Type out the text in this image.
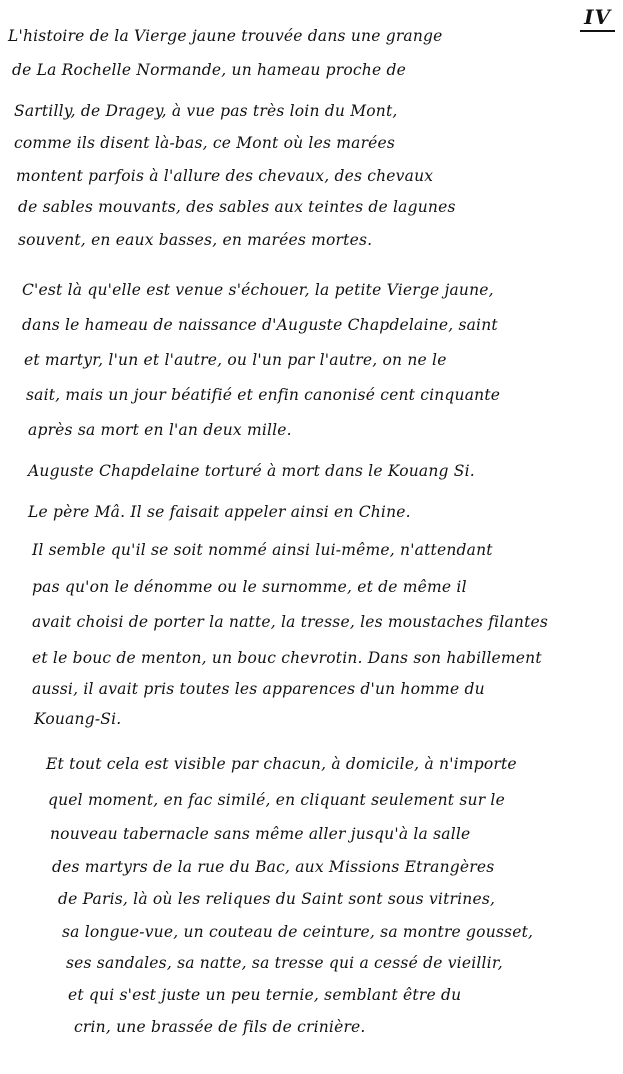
IV
L'histoire de la Vierge jaune trouvée dans une grange
de La Rochelle Normande, un hameau proche de
Sartilly, de Dragey, à vue pas très loin du Mont,
comme ils disent là-bas, ce Mont où les marées
montent parfois à l'allure des chevaux, des chevaux
de sables mouvants, des sables aux teintes de lagunes
souvent, en eaux basses, en marées mortes.
C'est là qu'elle est venue s'échouer, la petite Vierge jaune,
dans le hameau de naissance d'Auguste Chapdelaine, saint
et martyr, l'un et l'autre, ou l'un par l'autre, on ne le
sait, mais un jour béatifié et enfin canonisé cent cinquante
après sa mort en l'an deux mille.
Auguste Chapdelaine torturé à mort dans le Kouang Si.
Le père Mâ. Il se faisait appeler ainsi en Chine.
Il semble qu'il se soit nommé ainsi lui-même, n'attendant
pas qu'on le dénomme ou le surnomme, et de même il
avait choisi de porter la natte, la tresse, les moustaches filantes
et le bouc de menton, un bouc chevrotin. Dans son habillement
aussi, il avait pris toutes les apparences d'un homme du
Kouang-Si.
Et tout cela est visible par chacun, à domicile, à n'importe
quel moment, en fac similé, en cliquant seulement sur le
nouveau tabernacle sans même aller jusqu'à la salle
des martyrs de la rue du Bac, aux Missions Etrangères
de Paris, là où les reliques du Saint sont sous vitrines,
sa longue-vue, un couteau de ceinture, sa montre gousset,
ses sandales, sa natte, sa tresse qui a cessé de vieillir,
et qui s'est juste un peu ternie, semblant être du
crin, une brassée de fils de crinière.
